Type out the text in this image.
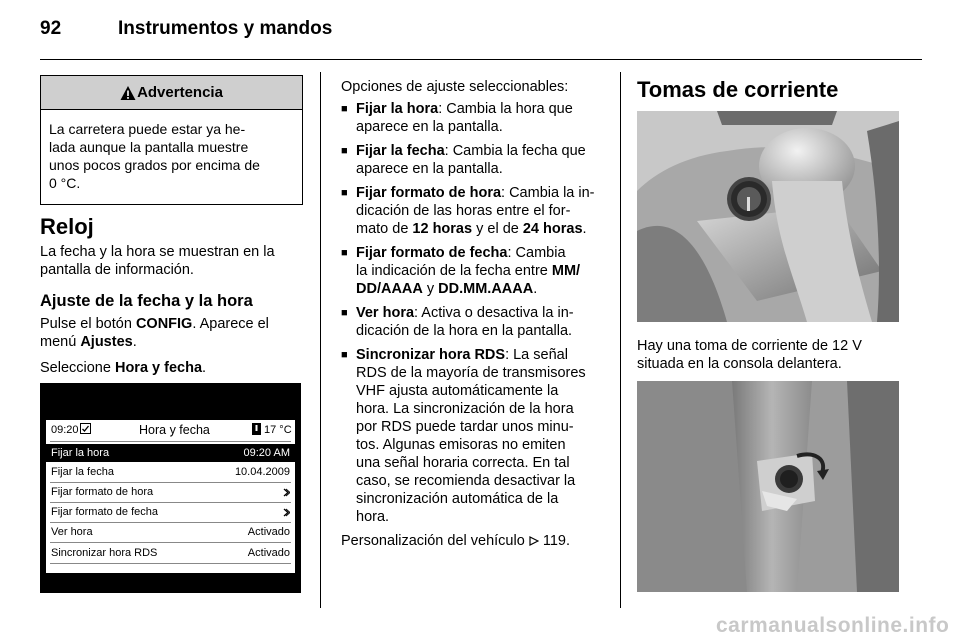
92	Instrumentos y mandos
Advertencia
La carretera puede estar ya he-
lada aunque la pantalla muestre
unos pocos grados por encima de
0 °C.
Reloj
La fecha y la hora se muestran en la
pantalla de información.
Ajuste de la fecha y la hora
Pulse el botón CONFIG. Aparece el
menú Ajustes.
Seleccione Hora y fecha.
09:20	Hora y fecha	17 °C
Fijar la hora	09:20 AM
Fijar la fecha	10.04.2009
Fijar formato de hora
Fijar formato de fecha
Ver hora	Activado
Sincronizar hora RDS	Activado
Opciones de ajuste seleccionables:
■ Fijar la hora: Cambia la hora que
aparece en la pantalla.
■ Fijar la fecha: Cambia la fecha que
aparece en la pantalla.
■ Fijar formato de hora: Cambia la in-
dicación de las horas entre el for-
mato de 12 horas y el de 24 horas.
■ Fijar formato de fecha: Cambia
la indicación de la fecha entre MM/
DD/AAAA y DD.MM.AAAA.
■ Ver hora: Activa o desactiva la in-
dicación de la hora en la pantalla.
■ Sincronizar hora RDS: La señal
RDS de la mayoría de transmisores
VHF ajusta automáticamente la
hora. La sincronización de la hora
por RDS puede tardar unos minu-
tos. Algunas emisoras no emiten
una señal horaria correcta. En tal
caso, se recomienda desactivar la
sincronización automática de la
hora.
Personalización del vehículo  119.
Tomas de corriente
Hay una toma de corriente de 12 V
situada en la consola delantera.
carmanualsonline.info
